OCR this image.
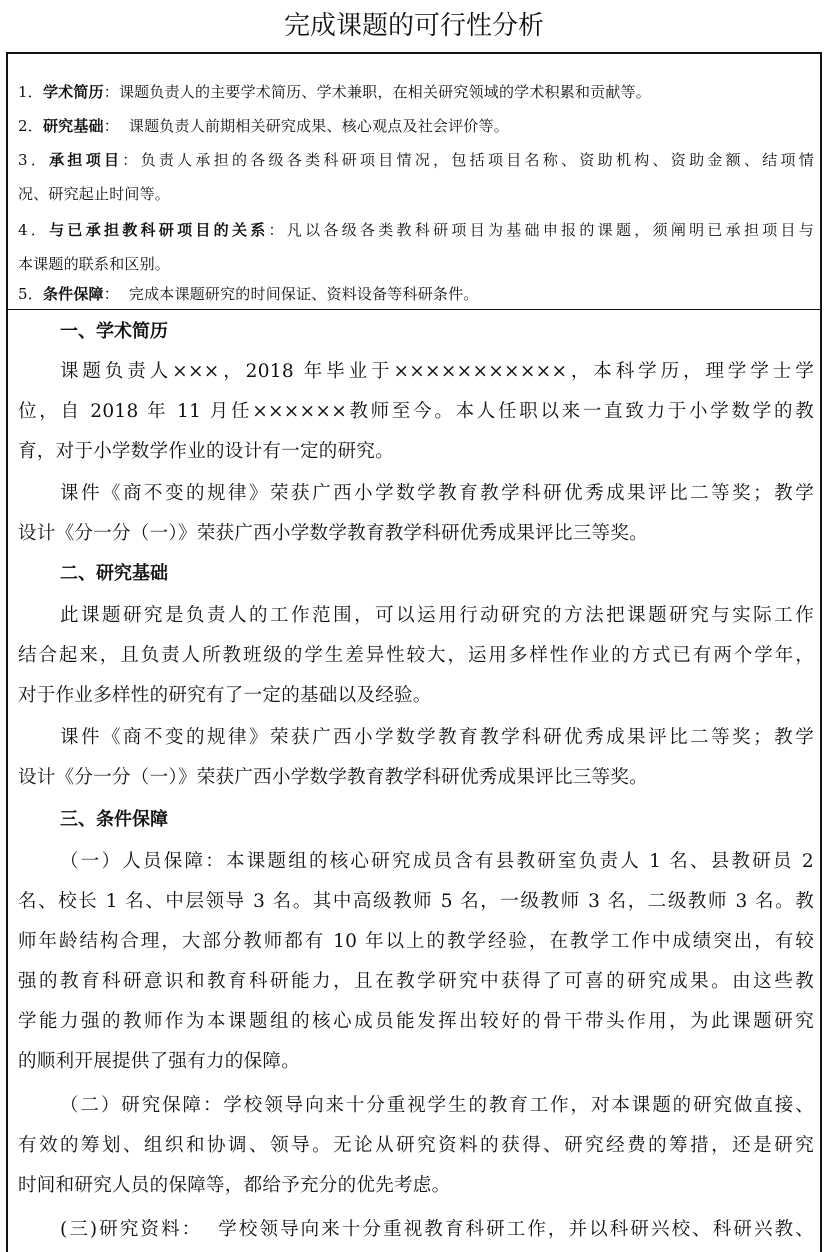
完成课题的可行性分析
1．学术简历：课题负责人的主要学术简历、学术兼职，在相关研究领域的学术积累和贡献等。
2．研究基础：  课题负责人前期相关研究成果、核心观点及社会评价等。
3．承担项目：负责人承担的各级各类科研项目情况，包括项目名称、资助机构、资助金额、结项情
况、研究起止时间等。
4．与已承担教科研项目的关系：凡以各级各类教科研项目为基础申报的课题，须阐明已承担项目与
本课题的联系和区别。
5．条件保障：  完成本课题研究的时间保证、资料设备等科研条件。
一、学术简历
课题负责人×××，2018 年毕业于×××××××××××，本科学历，理学学士学
位，自 2018 年 11 月任××××××教师至今。本人任职以来一直致力于小学数学的教
育，对于小学数学作业的设计有一定的研究。
课件《商不变的规律》荣获广西小学数学教育教学科研优秀成果评比二等奖；教学
设计《分一分（一）》荣获广西小学数学教育教学科研优秀成果评比三等奖。
二、研究基础
此课题研究是负责人的工作范围，可以运用行动研究的方法把课题研究与实际工作
结合起来，且负责人所教班级的学生差异性较大，运用多样性作业的方式已有两个学年，
对于作业多样性的研究有了一定的基础以及经验。
课件《商不变的规律》荣获广西小学数学教育教学科研优秀成果评比二等奖；教学
设计《分一分（一）》荣获广西小学数学教育教学科研优秀成果评比三等奖。
三、条件保障
（一）人员保障：本课题组的核心研究成员含有县教研室负责人 1 名、县教研员 2
名、校长 1 名、中层领导 3 名。其中高级教师 5 名，一级教师 3 名，二级教师 3 名。教
师年龄结构合理，大部分教师都有 10 年以上的教学经验，在教学工作中成绩突出，有较
强的教育科研意识和教育科研能力，且在教学研究中获得了可喜的研究成果。由这些教
学能力强的教师作为本课题组的核心成员能发挥出较好的骨干带头作用，为此课题研究
的顺利开展提供了强有力的保障。
（二）研究保障：学校领导向来十分重视学生的教育工作，对本课题的研究做直接、
有效的筹划、组织和协调、领导。无论从研究资料的获得、研究经费的筹措，还是研究
时间和研究人员的保障等，都给予充分的优先考虑。
(三)研究资料：  学校领导向来十分重视教育科研工作，并以科研兴校、科研兴教、
